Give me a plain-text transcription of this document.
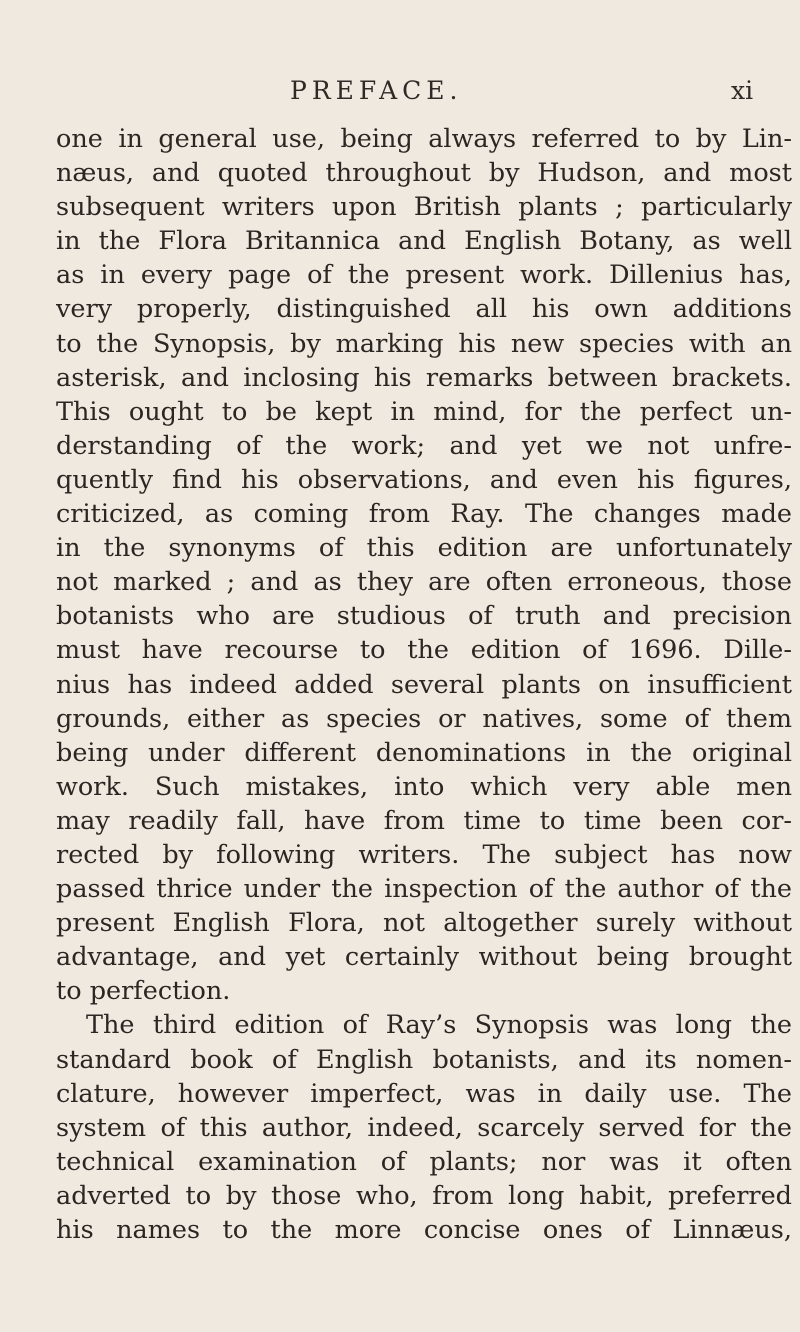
PREFACE.	xi
one in general use, being always referred to by Lin-
næus, and quoted throughout by Hudson, and most
subsequent writers upon British plants ; particularly
in the Flora Britannica and English Botany, as well
as in every page of the present work. Dillenius has,
very properly, distinguished all his own additions
to the Synopsis, by marking his new species with an
asterisk, and inclosing his remarks between brackets.
This ought to be kept in mind, for the perfect un-
derstanding of the work; and yet we not unfre-
quently find his observations, and even his figures,
criticized, as coming from Ray. The changes made
in the synonyms of this edition are unfortunately
not marked ; and as they are often erroneous, those
botanists who are studious of truth and precision
must have recourse to the edition of 1696. Dille-
nius has indeed added several plants on insufficient
grounds, either as species or natives, some of them
being under different denominations in the original
work. Such mistakes, into which very able men
may readily fall, have from time to time been cor-
rected by following writers. The subject has now
passed thrice under the inspection of the author of the
present English Flora, not altogether surely without
advantage, and yet certainly without being brought
to perfection.
The third edition of Ray’s Synopsis was long the
standard book of English botanists, and its nomen-
clature, however imperfect, was in daily use. The
system of this author, indeed, scarcely served for the
technical examination of plants; nor was it often
adverted to by those who, from long habit, preferred
his names to the more concise ones of Linnæus,
